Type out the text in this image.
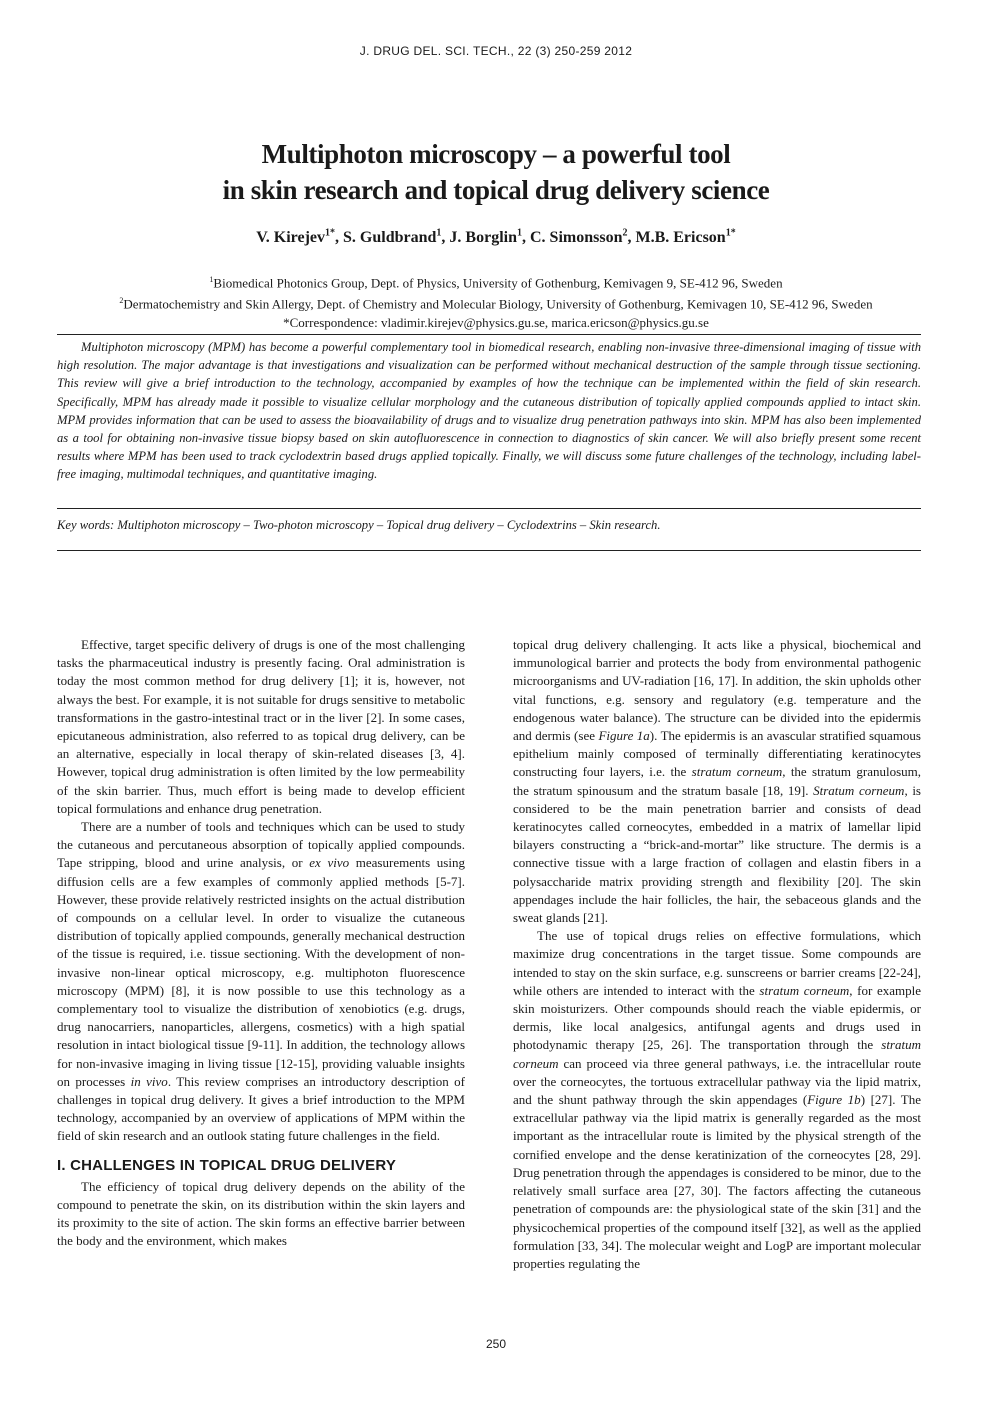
J. DRUG DEL. SCI. TECH., 22 (3) 250-259 2012
Multiphoton microscopy – a powerful tool
in skin research and topical drug delivery science
V. Kirejev$^{1*}$, S. Guldbrand$^1$, J. Borglin$^1$, C. Simonsson$^2$, M.B. Ericson$^{1*}$
$^1$Biomedical Photonics Group, Dept. of Physics, University of Gothenburg, Kemivagen 9, SE-412 96, Sweden
$^2$Dermatochemistry and Skin Allergy, Dept. of Chemistry and Molecular Biology, University of Gothenburg, Kemivagen 10, SE-412 96, Sweden
*Correspondence: vladimir.kirejev@physics.gu.se, marica.ericson@physics.gu.se

Multiphoton microscopy (MPM) has become a powerful complementary tool in biomedical research, enabling non-invasive three-dimensional imaging of tissue with high resolution. The major advantage is that investigations and visualization can be performed without mechanical destruction of the sample through tissue sectioning. This review will give a brief introduction to the technology, accompanied by examples of how the technique can be implemented within the field of skin research. Specifically, MPM has already made it possible to visualize cellular morphology and the cutaneous distribution of topically applied compounds applied to intact skin. MPM provides information that can be used to assess the bioavailability of drugs and to visualize drug penetration pathways into skin. MPM has also been implemented as a tool for obtaining non-invasive tissue biopsy based on skin autofluorescence in connection to diagnostics of skin cancer. We will also briefly present some recent results where MPM has been used to track cyclodextrin based drugs applied topically. Finally, we will discuss some future challenges of the technology, including label-free imaging, multimodal techniques, and quantitative imaging.

Key words: Multiphoton microscopy – Two-photon microscopy – Topical drug delivery – Cyclodextrins – Skin research.

Effective, target specific delivery of drugs is one of the most challenging tasks the pharmaceutical industry is presently facing. Oral administration is today the most common method for drug delivery [1]; it is, however, not always the best. For example, it is not suitable for drugs sensitive to metabolic transformations in the gastro-intestinal tract or in the liver [2]. In some cases, epicutaneous administration, also referred to as topical drug delivery, can be an alternative, especially in local therapy of skin-related diseases [3, 4]. However, topical drug administration is often limited by the low permeability of the skin barrier. Thus, much effort is being made to develop efficient topical formulations and enhance drug penetration.

There are a number of tools and techniques which can be used to study the cutaneous and percutaneous absorption of topically applied compounds. Tape stripping, blood and urine analysis, or ex vivo measurements using diffusion cells are a few examples of commonly applied methods [5-7]. However, these provide relatively restricted insights on the actual distribution of compounds on a cellular level. In order to visualize the cutaneous distribution of topically applied compounds, generally mechanical destruction of the tissue is required, i.e. tissue sectioning. With the development of non-invasive non-linear optical microscopy, e.g. multiphoton fluorescence microscopy (MPM) [8], it is now possible to use this technology as a complementary tool to visualize the distribution of xenobiotics (e.g. drugs, drug nanocarriers, nanoparticles, allergens, cosmetics) with a high spatial resolution in intact biological tissue [9-11]. In addition, the technology allows for non-invasive imaging in living tissue [12-15], providing valuable insights on processes in vivo. This review comprises an introductory description of challenges in topical drug delivery. It gives a brief introduction to the MPM technology, accompanied by an overview of applications of MPM within the field of skin research and an outlook stating future challenges in the field.

I. CHALLENGES IN TOPICAL DRUG DELIVERY

The efficiency of topical drug delivery depends on the ability of the compound to penetrate the skin, on its distribution within the skin layers and its proximity to the site of action. The skin forms an effective barrier between the body and the environment, which makes

topical drug delivery challenging. It acts like a physical, biochemical and immunological barrier and protects the body from environmental pathogenic microorganisms and UV-radiation [16, 17]. In addition, the skin upholds other vital functions, e.g. sensory and regulatory (e.g. temperature and the endogenous water balance). The structure can be divided into the epidermis and dermis (see Figure 1a). The epidermis is an avascular stratified squamous epithelium mainly composed of terminally differentiating keratinocytes constructing four layers, i.e. the stratum corneum, the stratum granulosum, the stratum spinousum and the stratum basale [18, 19]. Stratum corneum, is considered to be the main penetration barrier and consists of dead keratinocytes called corneocytes, embedded in a matrix of lamellar lipid bilayers constructing a “brick-and-mortar” like structure. The dermis is a connective tissue with a large fraction of collagen and elastin fibers in a polysaccharide matrix providing strength and flexibility [20]. The skin appendages include the hair follicles, the hair, the sebaceous glands and the sweat glands [21].

The use of topical drugs relies on effective formulations, which maximize drug concentrations in the target tissue. Some compounds are intended to stay on the skin surface, e.g. sunscreens or barrier creams [22-24], while others are intended to interact with the stratum corneum, for example skin moisturizers. Other compounds should reach the viable epidermis, or dermis, like local analgesics, antifungal agents and drugs used in photodynamic therapy [25, 26]. The transportation through the stratum corneum can proceed via three general pathways, i.e. the intracellular route over the corneocytes, the tortuous extracellular pathway via the lipid matrix, and the shunt pathway through the skin appendages (Figure 1b) [27]. The extracellular pathway via the lipid matrix is generally regarded as the most important as the intracellular route is limited by the physical strength of the cornified envelope and the dense keratinization of the corneocytes [28, 29]. Drug penetration through the appendages is considered to be minor, due to the relatively small surface area [27, 30]. The factors affecting the cutaneous penetration of compounds are: the physiological state of the skin [31] and the physicochemical properties of the compound itself [32], as well as the applied formulation [33, 34]. The molecular weight and LogP are important molecular properties regulating the

250
